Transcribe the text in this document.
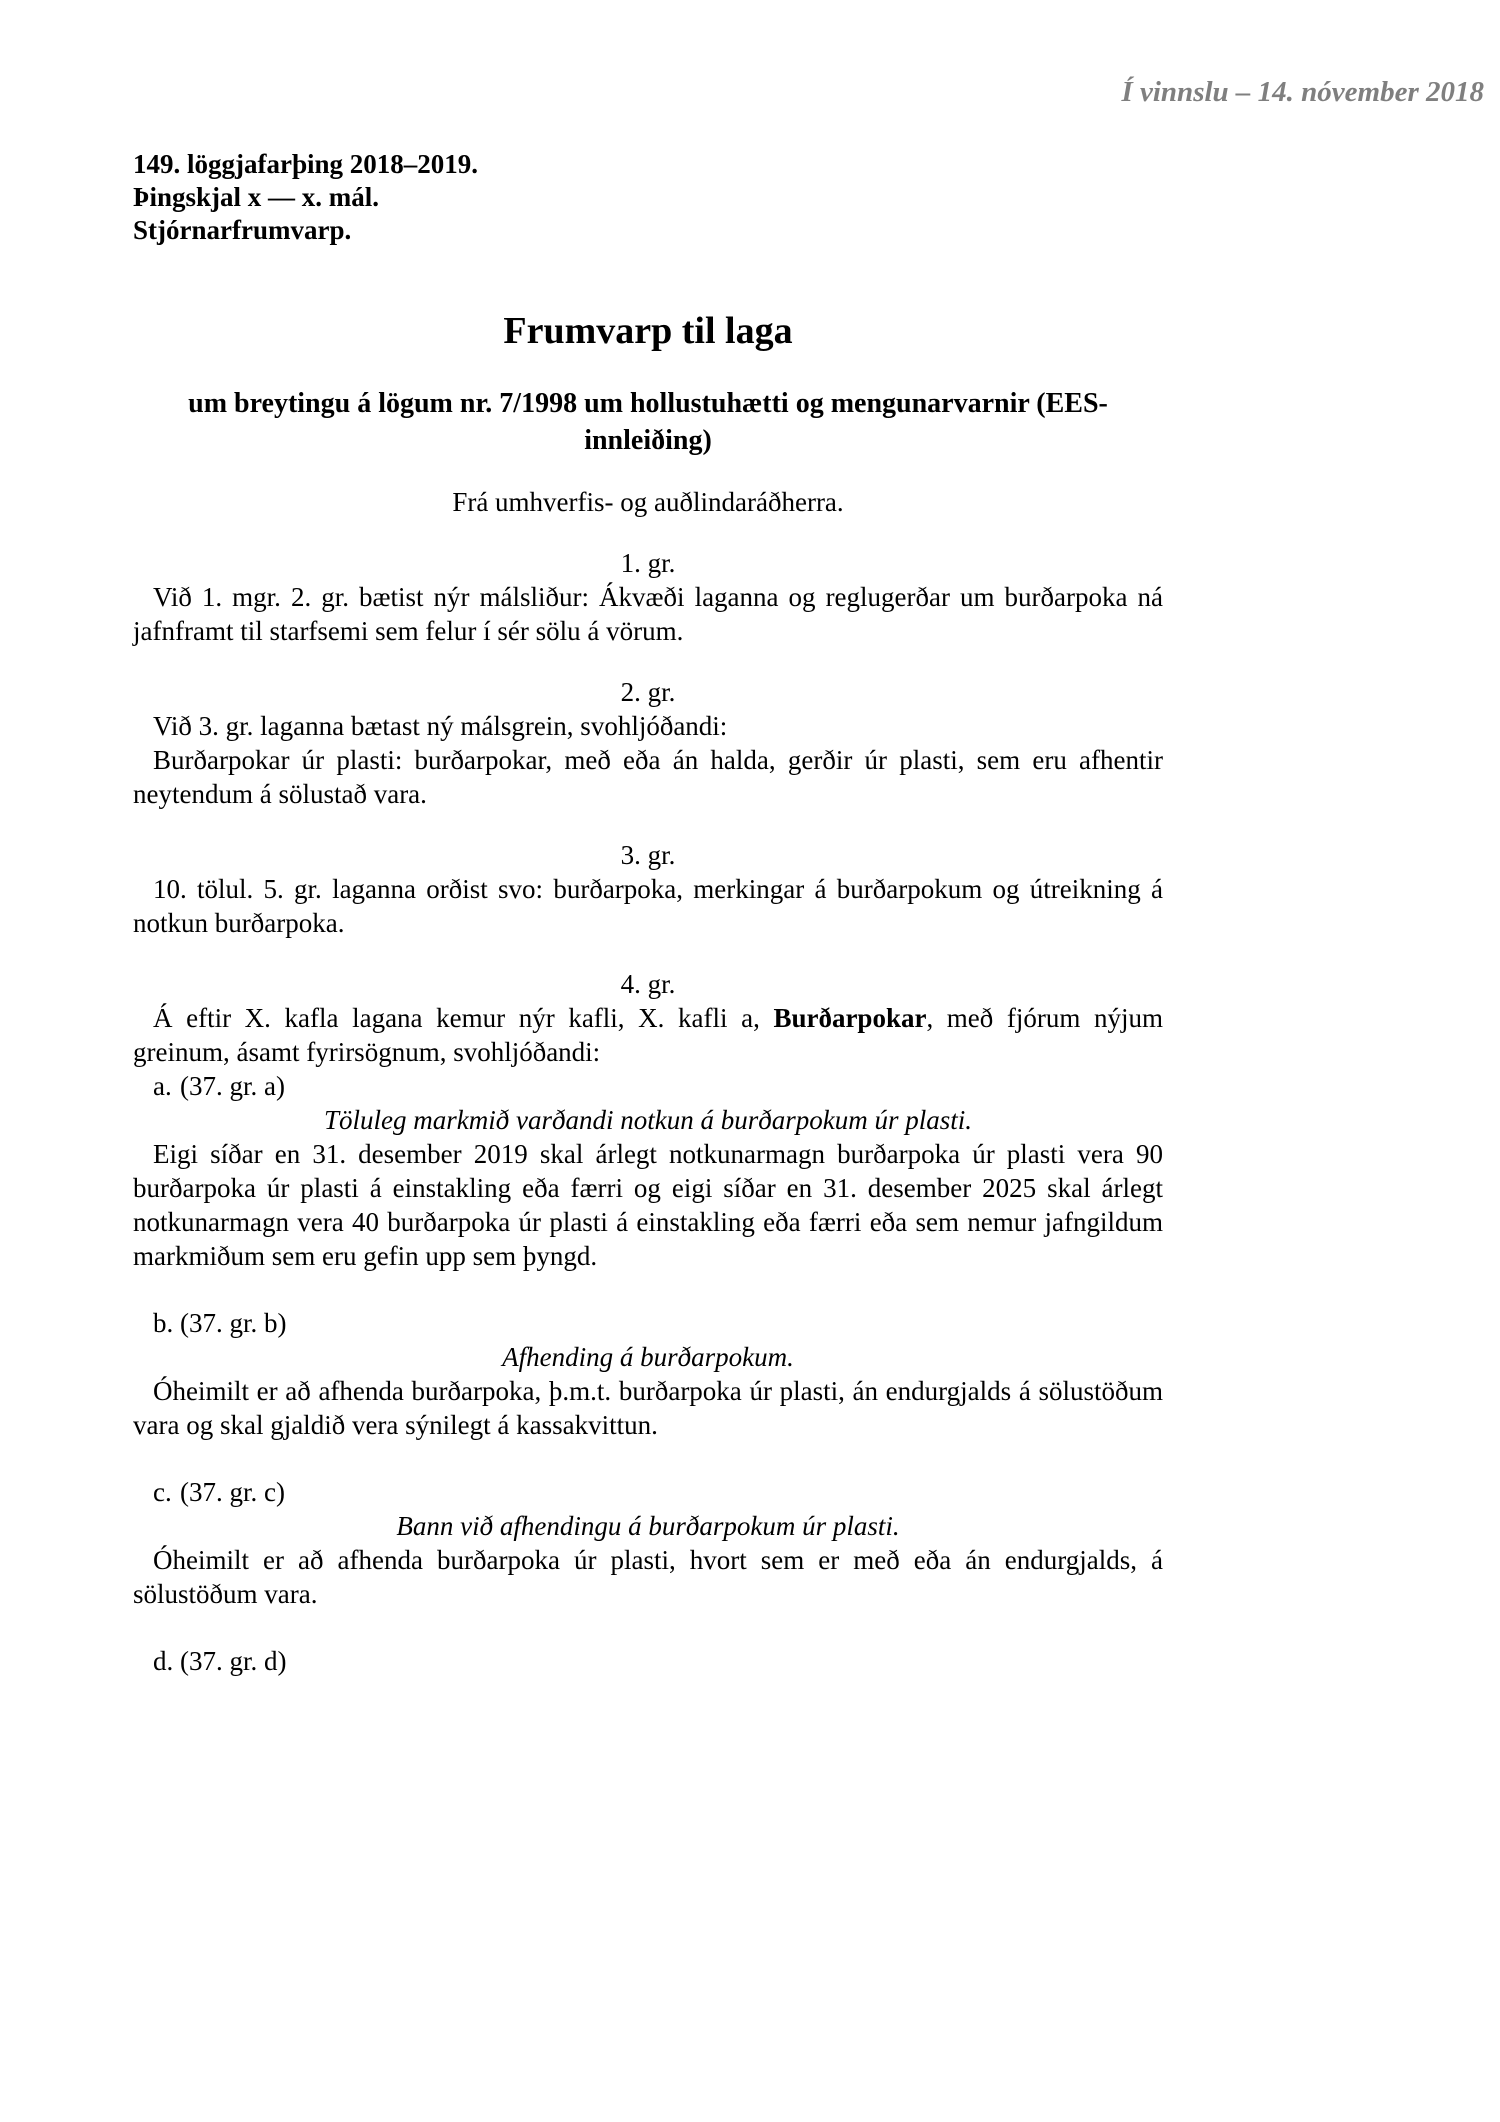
Í vinnslu – 14. nóvember 2018
149. löggjafarþing 2018–2019.
Þingskjal x — x. mál.
Stjórnarfrumvarp.
Frumvarp til laga
um breytingu á lögum nr. 7/1998 um hollustuhætti og mengunarvarnir (EES-
innleiðing)
Frá umhverfis- og auðlindaráðherra.
1. gr.

Við 1. mgr. 2. gr. bætist nýr málsliður: Ákvæði laganna og reglugerðar um burðarpoka ná jafnframt til starfsemi sem felur í sér sölu á vörum.

2. gr.

Við 3. gr. laganna bætast ný málsgrein, svohljóðandi:

Burðarpokar úr plasti: burðarpokar, með eða án halda, gerðir úr plasti, sem eru afhentir neytendum á sölustað vara.

3. gr.

10. tölul. 5. gr. laganna orðist svo: burðarpoka, merkingar á burðarpokum og útreikning á notkun burðarpoka.

4. gr.

Á eftir X. kafla lagana kemur nýr kafli, X. kafli a, Burðarpokar, með fjórum nýjum greinum, ásamt fyrirsögnum, svohljóðandi:

a. (37. gr. a)

Töluleg markmið varðandi notkun á burðarpokum úr plasti.

Eigi síðar en 31. desember 2019 skal árlegt notkunarmagn burðarpoka úr plasti vera 90 burðarpoka úr plasti á einstakling eða færri og eigi síðar en 31. desember 2025 skal árlegt notkunarmagn vera 40 burðarpoka úr plasti á einstakling eða færri eða sem nemur jafngildum markmiðum sem eru gefin upp sem þyngd.

b. (37. gr. b)

Afhending á burðarpokum.

Óheimilt er að afhenda burðarpoka, þ.m.t. burðarpoka úr plasti, án endurgjalds á sölustöðum vara og skal gjaldið vera sýnilegt á kassakvittun.

c. (37. gr. c)

Bann við afhendingu á burðarpokum úr plasti.

Óheimilt er að afhenda burðarpoka úr plasti, hvort sem er með eða án endurgjalds, á sölustöðum vara.

d. (37. gr. d)
